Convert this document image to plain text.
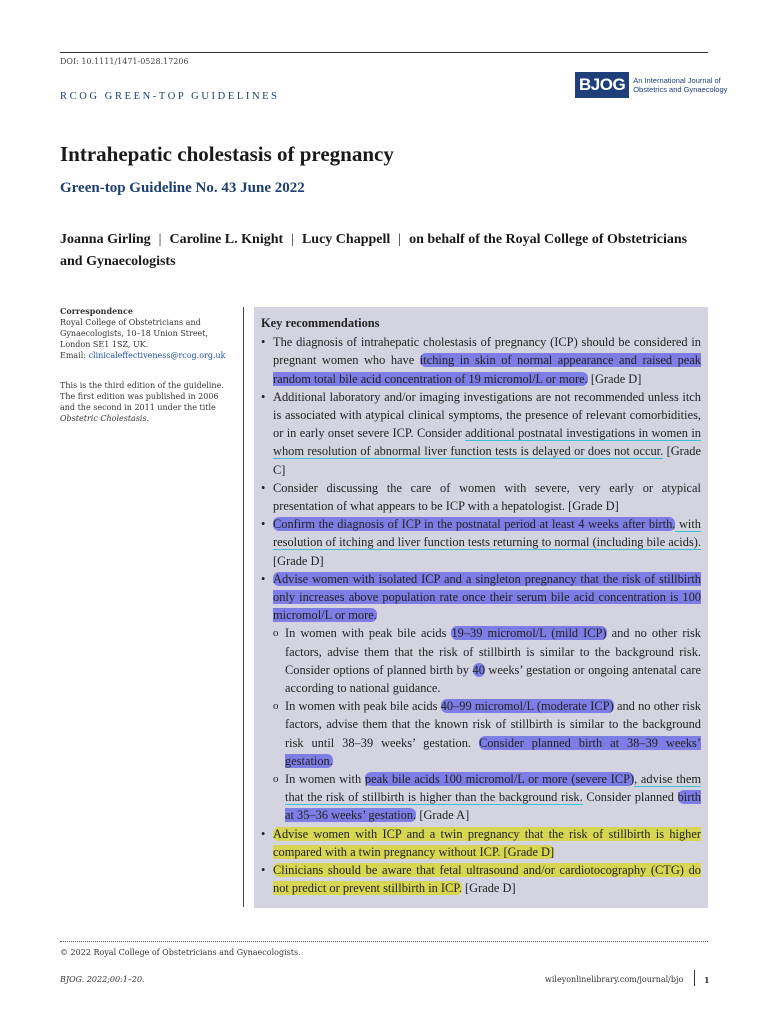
DOI: 10.1111/1471-0528.17206
RCOG GREEN-TOP GUIDELINES
BJOG	An International Journal of Obstetrics and Gynaecology
Intrahepatic cholestasis of pregnancy
Green-top Guideline No. 43 June 2022
Joanna Girling | Caroline L. Knight | Lucy Chappell | on behalf of the Royal College of Obstetricians and Gynaecologists
Correspondence
Royal College of Obstetricians and Gynaecologists, 10–18 Union Street, London SE1 1SZ, UK.
Email: clinicaleffectiveness@rcog.org.uk
This is the third edition of the guideline. The first edition was published in 2006 and the second in 2011 under the title Obstetric Cholestasis.
Key recommendations
• The diagnosis of intrahepatic cholestasis of pregnancy (ICP) should be considered in pregnant women who have itching in skin of normal appearance and raised peak random total bile acid concentration of 19 micromol/L or more. [Grade D]
• Additional laboratory and/or imaging investigations are not recommended unless itch is associated with atypical clinical symptoms, the presence of relevant comorbidities, or in early onset severe ICP. Consider additional postnatal investigations in women in whom resolution of abnormal liver function tests is delayed or does not occur. [Grade C]
• Consider discussing the care of women with severe, very early or atypical presentation of what appears to be ICP with a hepatologist. [Grade D]
• Confirm the diagnosis of ICP in the postnatal period at least 4 weeks after birth, with resolution of itching and liver function tests returning to normal (including bile acids). [Grade D]
• Advise women with isolated ICP and a singleton pregnancy that the risk of stillbirth only increases above population rate once their serum bile acid concentration is 100 micromol/L or more.
o In women with peak bile acids 19–39 micromol/L (mild ICP) and no other risk factors, advise them that the risk of stillbirth is similar to the background risk. Consider options of planned birth by 40 weeks’ gestation or ongoing antenatal care according to national guidance.
o In women with peak bile acids 40–99 micromol/L (moderate ICP) and no other risk factors, advise them that the known risk of stillbirth is similar to the background risk until 38–39 weeks’ gestation. Consider planned birth at 38–39 weeks’ gestation.
o In women with peak bile acids 100 micromol/L or more (severe ICP), advise them that the risk of stillbirth is higher than the background risk. Consider planned birth at 35–36 weeks’ gestation. [Grade A]
• Advise women with ICP and a twin pregnancy that the risk of stillbirth is higher compared with a twin pregnancy without ICP. [Grade D]
• Clinicians should be aware that fetal ultrasound and/or cardiotocography (CTG) do not predict or prevent stillbirth in ICP. [Grade D]
© 2022 Royal College of Obstetricians and Gynaecologists.
BJOG. 2022;00:1–20.	wileyonlinelibrary.com/journal/bjo	1
